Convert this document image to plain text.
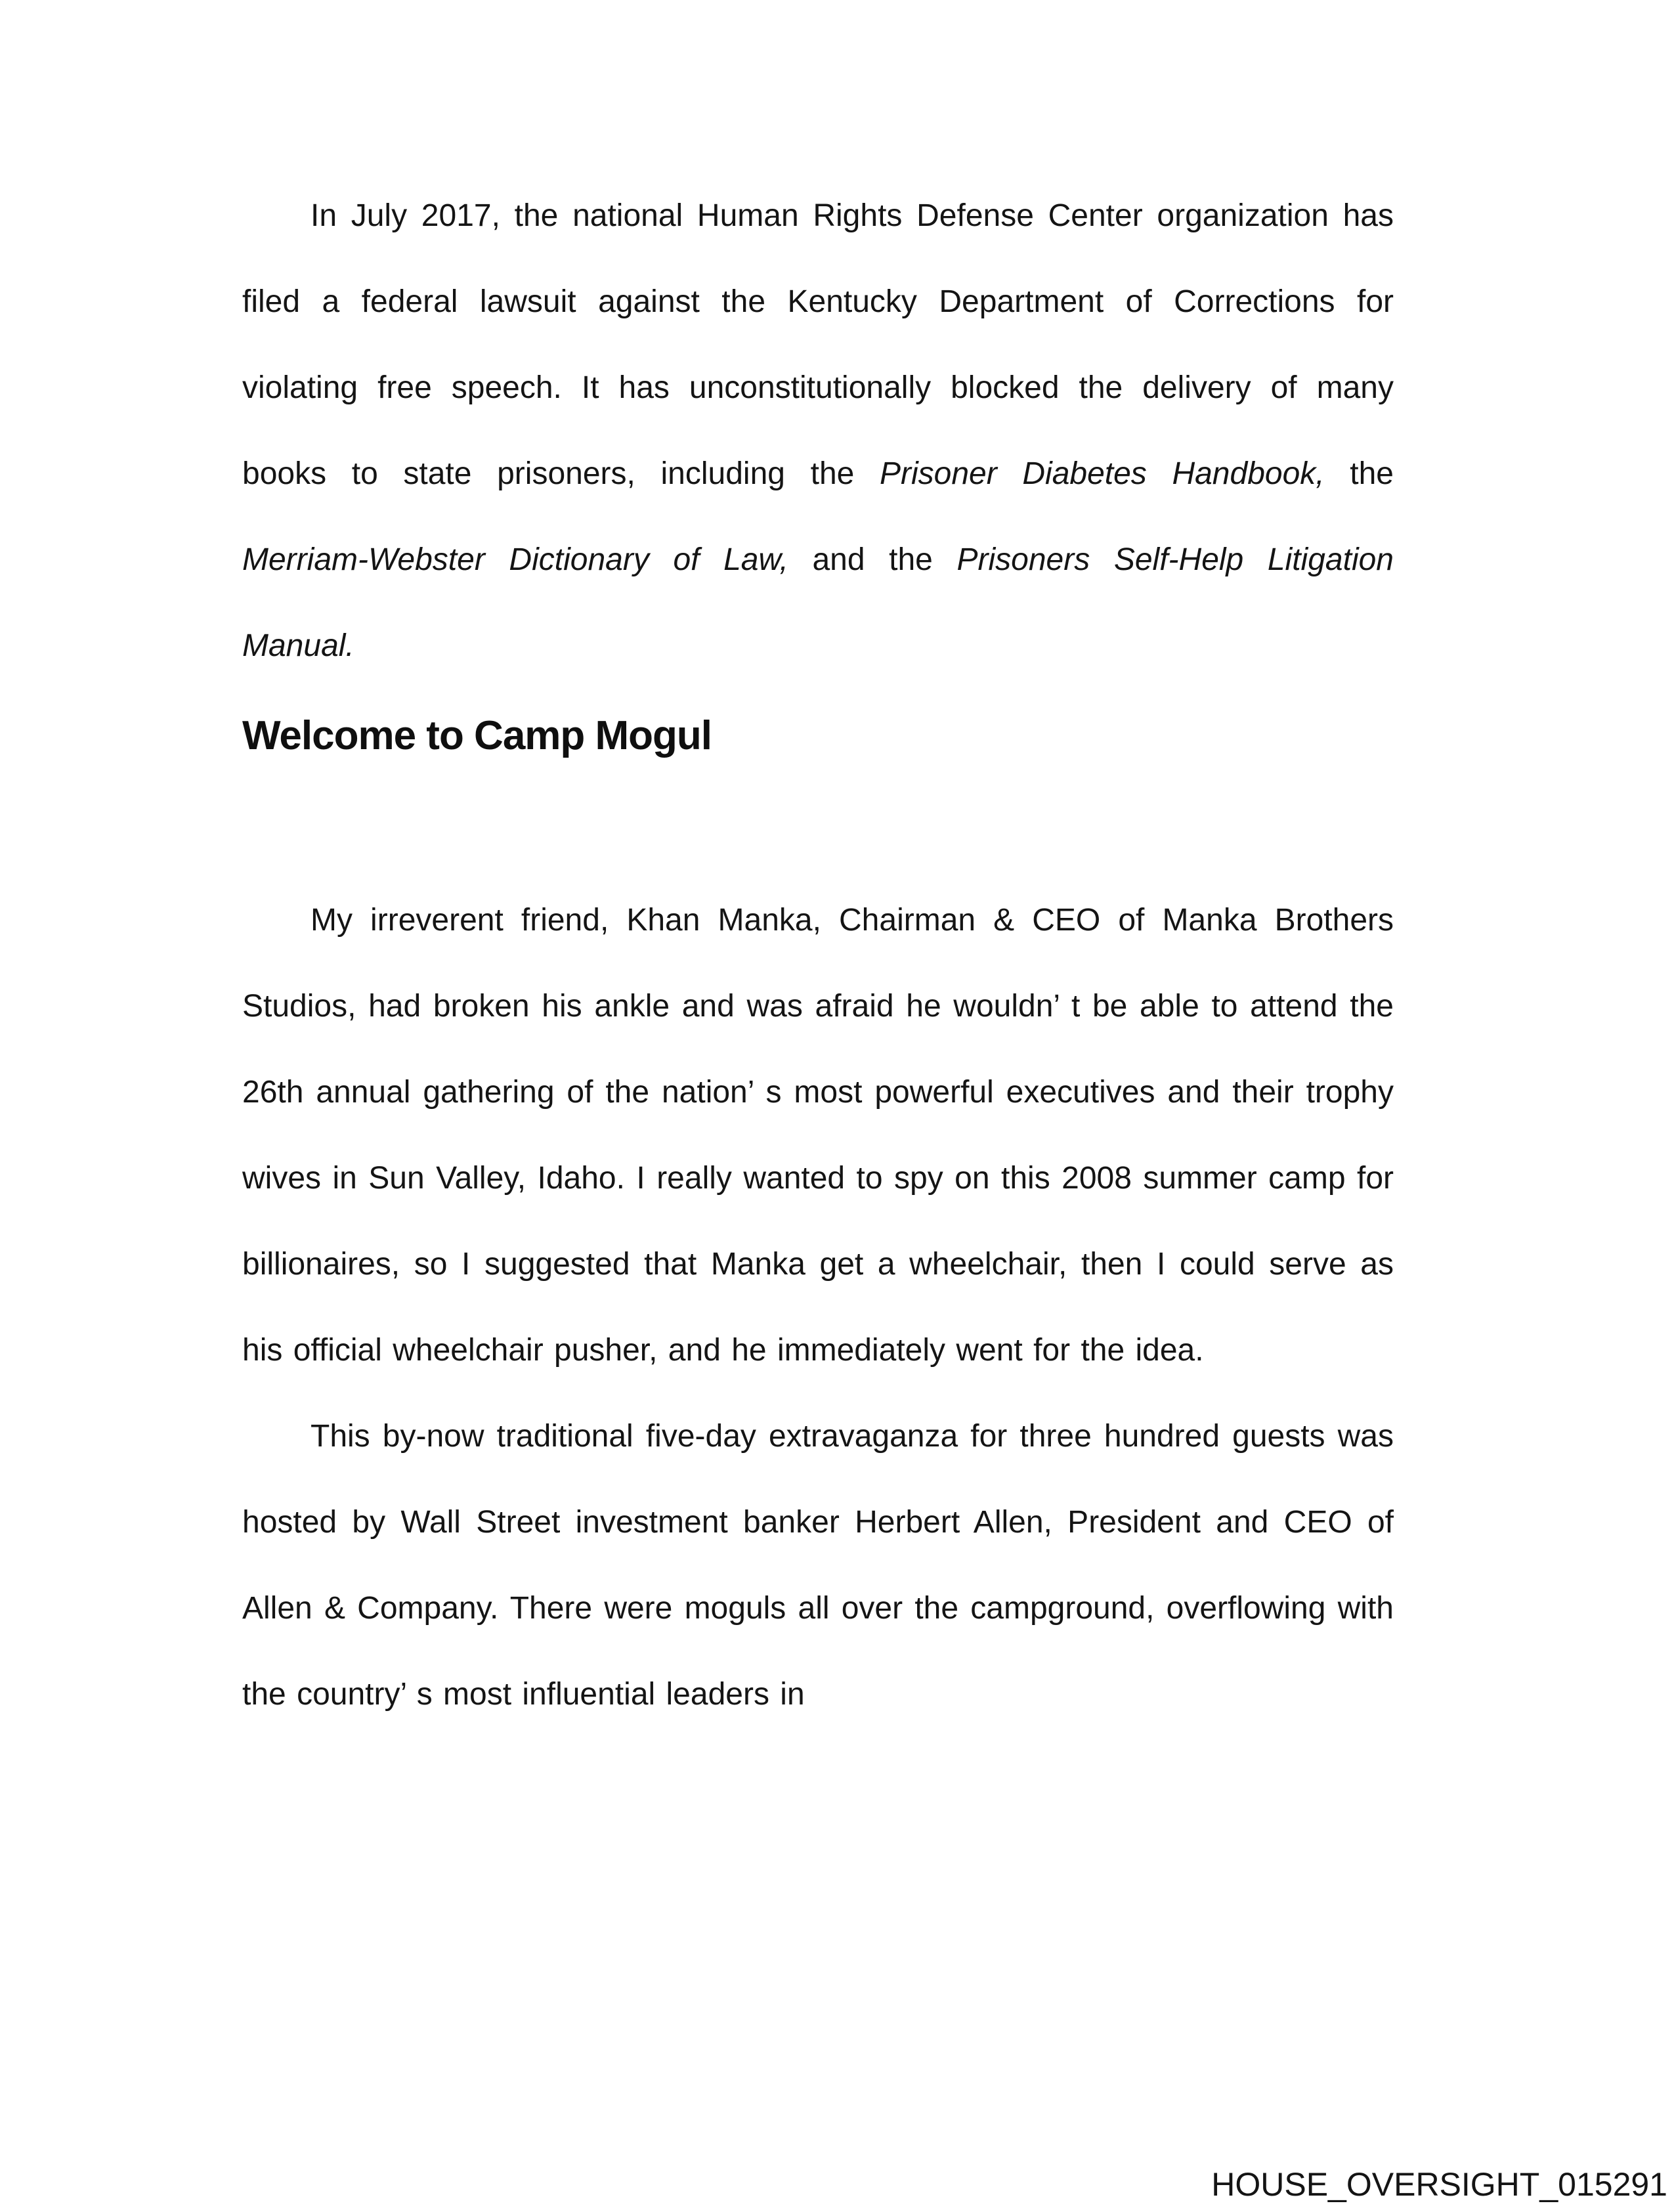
In July 2017, the national Human Rights Defense Center organization has filed a federal lawsuit against the Kentucky Department of Corrections for violating free speech. It has unconstitutionally blocked the delivery of many books to state prisoners, including the Prisoner Diabetes Handbook, the Merriam-Webster Dictionary of Law, and the Prisoners Self-Help Litigation Manual.

Welcome to Camp Mogul

My irreverent friend, Khan Manka, Chairman & CEO of Manka Brothers Studios, had broken his ankle and was afraid he wouldn’ t be able to attend the 26th annual gathering of the nation’ s most powerful executives and their trophy wives in Sun Valley, Idaho. I really wanted to spy on this 2008 summer camp for billionaires, so I suggested that Manka get a wheelchair, then I could serve as his official wheelchair pusher, and he immediately went for the idea.

This by-now traditional five-day extravaganza for three hundred guests was hosted by Wall Street investment banker Herbert Allen, President and CEO of Allen & Company. There were moguls all over the campground, overflowing with the country’ s most influential leaders in

HOUSE_OVERSIGHT_015291
